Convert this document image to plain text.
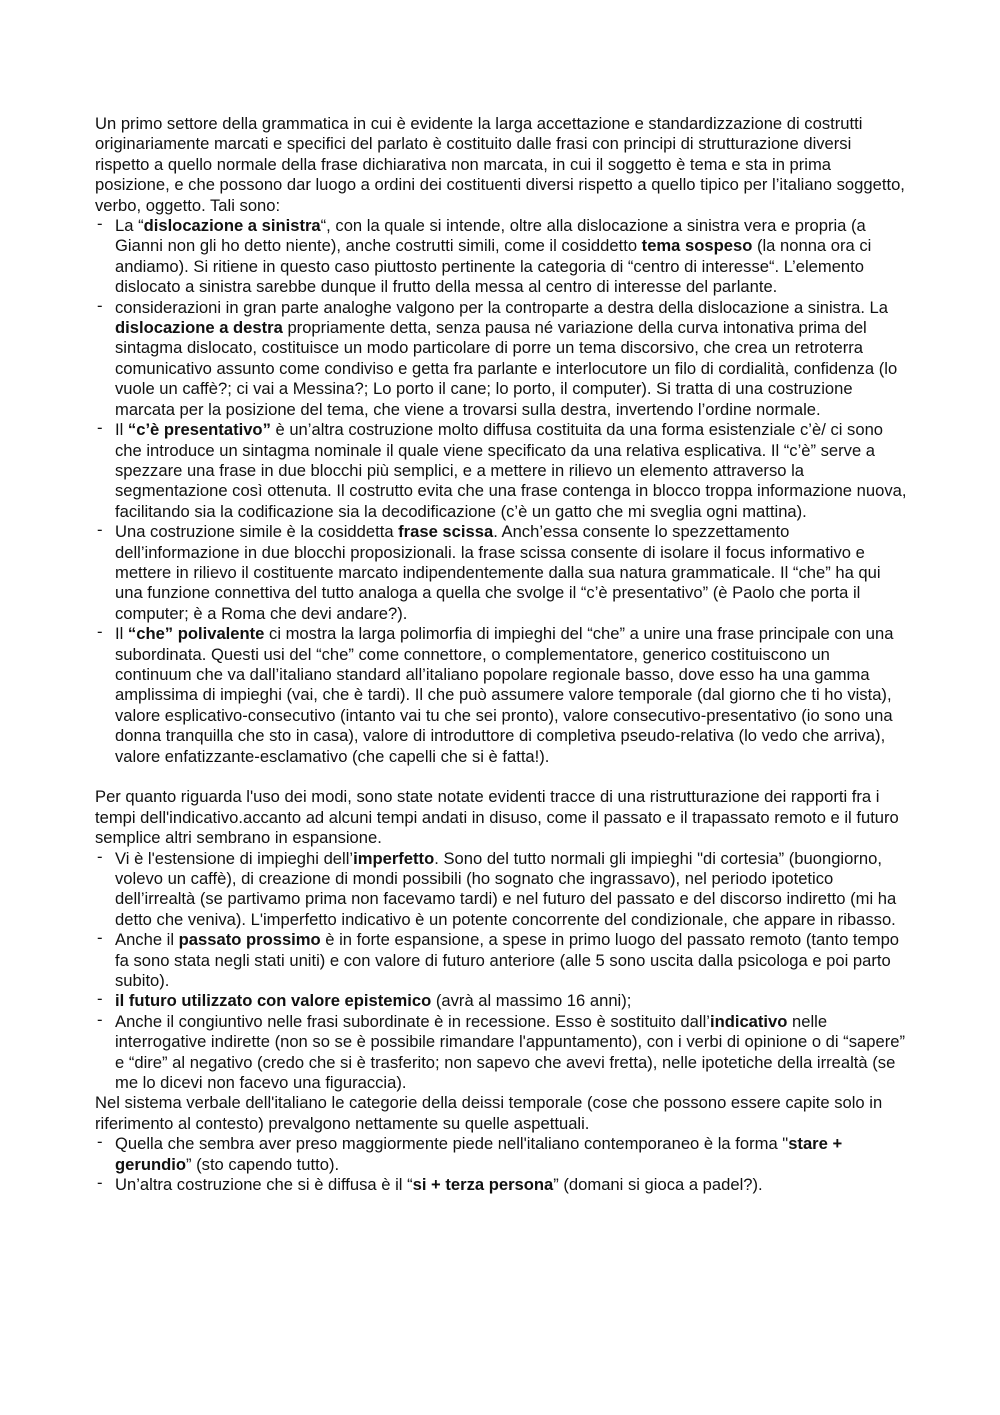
Un primo settore della grammatica in cui è evidente la larga accettazione e standardizzazione di costrutti originariamente marcati e specifici del parlato è costituito dalle frasi con principi di strutturazione diversi rispetto a quello normale della frase dichiarativa non marcata, in cui il soggetto è tema e sta in prima posizione, e che possono dar luogo a ordini dei costituenti diversi rispetto a quello tipico per l’italiano soggetto, verbo, oggetto. Tali sono:

- La “dislocazione a sinistra“, con la quale si intende, oltre alla dislocazione a sinistra vera e propria (a Gianni non gli ho detto niente), anche costrutti simili, come il cosiddetto tema sospeso (la nonna ora ci andiamo). Si ritiene in questo caso piuttosto pertinente la categoria di “centro di interesse“. L’elemento dislocato a sinistra sarebbe dunque il frutto della messa al centro di interesse del parlante.
- considerazioni in gran parte analoghe valgono per la controparte a destra della dislocazione a sinistra. La dislocazione a destra propriamente detta, senza pausa né variazione della curva intonativa prima del sintagma dislocato, costituisce un modo particolare di porre un tema discorsivo, che crea un retroterra comunicativo assunto come condiviso e getta fra parlante e interlocutore un filo di cordialità, confidenza (lo vuole un caffè?; ci vai a Messina?; Lo porto il cane; lo porto, il computer). Si tratta di una costruzione marcata per la posizione del tema, che viene a trovarsi sulla destra, invertendo l’ordine normale.
- Il “c’è presentativo” è un’altra costruzione molto diffusa costituita da una forma esistenziale c’è/ ci sono che introduce un sintagma nominale il quale viene specificato da una relativa esplicativa. Il “c’è” serve a spezzare una frase in due blocchi più semplici, e a mettere in rilievo un elemento attraverso la segmentazione così ottenuta. Il costrutto evita che una frase contenga in blocco troppa informazione nuova, facilitando sia la codificazione sia la decodificazione (c’è un gatto che mi sveglia ogni mattina).
- Una costruzione simile è la cosiddetta frase scissa. Anch’essa consente lo spezzettamento dell’informazione in due blocchi proposizionali. la frase scissa consente di isolare il focus informativo e mettere in rilievo il costituente marcato indipendentemente dalla sua natura grammaticale. Il “che” ha qui una funzione connettiva del tutto analoga a quella che svolge il “c’è presentativo” (è Paolo che porta il computer; è a Roma che devi andare?).
- Il “che” polivalente ci mostra la larga polimorfia di impieghi del “che” a unire una frase principale con una subordinata. Questi usi del “che” come connettore, o complementatore, generico costituiscono un continuum che va dall’italiano standard all’italiano popolare regionale basso, dove esso ha una gamma amplissima di impieghi (vai, che è tardi). Il che può assumere valore temporale (dal giorno che ti ho vista), valore esplicativo-consecutivo (intanto vai tu che sei pronto), valore consecutivo-presentativo (io sono una donna tranquilla che sto in casa), valore di introduttore di completiva pseudo-relativa (lo vedo che arriva), valore enfatizzante-esclamativo (che capelli che si è fatta!).

Per quanto riguarda l'uso dei modi, sono state notate evidenti tracce di una ristrutturazione dei rapporti fra i tempi dell'indicativo.accanto ad alcuni tempi andati in disuso, come il passato e il trapassato remoto e il futuro semplice altri sembrano in espansione.

- Vi è l'estensione di impieghi dell’imperfetto. Sono del tutto normali gli impieghi "di cortesia” (buongiorno, volevo un caffè), di creazione di mondi possibili (ho sognato che ingrassavo), nel periodo ipotetico dell’irrealtà (se partivamo prima non facevamo tardi) e nel futuro del passato e del discorso indiretto (mi ha detto che veniva). L'imperfetto indicativo è un potente concorrente del condizionale, che appare in ribasso.
- Anche il passato prossimo è in forte espansione, a spese in primo luogo del passato remoto (tanto tempo fa sono stata negli stati uniti) e con valore di futuro anteriore (alle 5 sono uscita dalla psicologa e poi parto subito).
- il futuro utilizzato con valore epistemico (avrà al massimo 16 anni);
- Anche il congiuntivo nelle frasi subordinate è in recessione. Esso è sostituito dall’indicativo nelle interrogative indirette (non so se è possibile rimandare l'appuntamento), con i verbi di opinione o di “sapere” e “dire” al negativo (credo che si è trasferito; non sapevo che avevi fretta), nelle ipotetiche della irrealtà (se me lo dicevi non facevo una figuraccia).

Nel sistema verbale dell'italiano le categorie della deissi temporale (cose che possono essere capite solo in riferimento al contesto) prevalgono nettamente su quelle aspettuali.

- Quella che sembra aver preso maggiormente piede nell'italiano contemporaneo è la forma "stare + gerundio” (sto capendo tutto).
- Un’altra costruzione che si è diffusa è il “si + terza persona” (domani si gioca a padel?).
